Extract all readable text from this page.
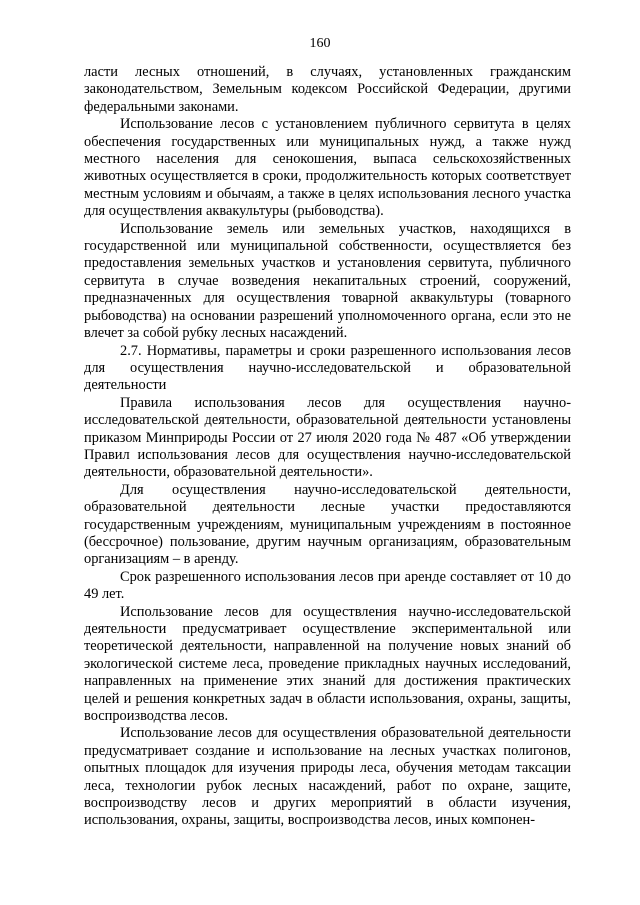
160

ласти лесных отношений, в случаях, установленных гражданским законодательством, Земельным кодексом Российской Федерации, другими федеральными законами.

Использование лесов с установлением публичного сервитута в целях обеспечения государственных или муниципальных нужд, а также нужд местного населения для сенокошения, выпаса сельскохозяйственных животных осуществляется в сроки, продолжительность которых соответствует местным условиям и обычаям, а также в целях использования лесного участка для осуществления аквакультуры (рыбоводства).

Использование земель или земельных участков, находящихся в государственной или муниципальной собственности, осуществляется без предоставления земельных участков и установления сервитута, публичного сервитута в случае возведения некапитальных строений, сооружений, предназначенных для осуществления товарной аквакультуры (товарного рыбоводства) на основании разрешений уполномоченного органа, если это не влечет за собой рубку лесных насаждений.

2.7. Нормативы, параметры и сроки разрешенного использования лесов для осуществления научно-исследовательской и образовательной деятельности

Правила использования лесов для осуществления научно-исследовательской деятельности, образовательной деятельности установлены приказом Минприроды России от 27 июля 2020 года № 487 «Об утверждении Правил использования лесов для осуществления научно-исследовательской деятельности, образовательной деятельности».

Для осуществления научно-исследовательской деятельности, образовательной деятельности лесные участки предоставляются государственным учреждениям, муниципальным учреждениям в постоянное (бессрочное) пользование, другим научным организациям, образовательным организациям – в аренду.

Срок разрешенного использования лесов при аренде составляет от 10 до 49 лет.

Использование лесов для осуществления научно-исследовательской деятельности предусматривает осуществление экспериментальной или теоретической деятельности, направленной на получение новых знаний об экологической системе леса, проведение прикладных научных исследований, направленных на применение этих знаний для достижения практических целей и решения конкретных задач в области использования, охраны, защиты, воспроизводства лесов.

Использование лесов для осуществления образовательной деятельности предусматривает создание и использование на лесных участках полигонов, опытных площадок для изучения природы леса, обучения методам таксации леса, технологии рубок лесных насаждений, работ по охране, защите, воспроизводству лесов и других мероприятий в области изучения, использования, охраны, защиты, воспроизводства лесов, иных компонен-
